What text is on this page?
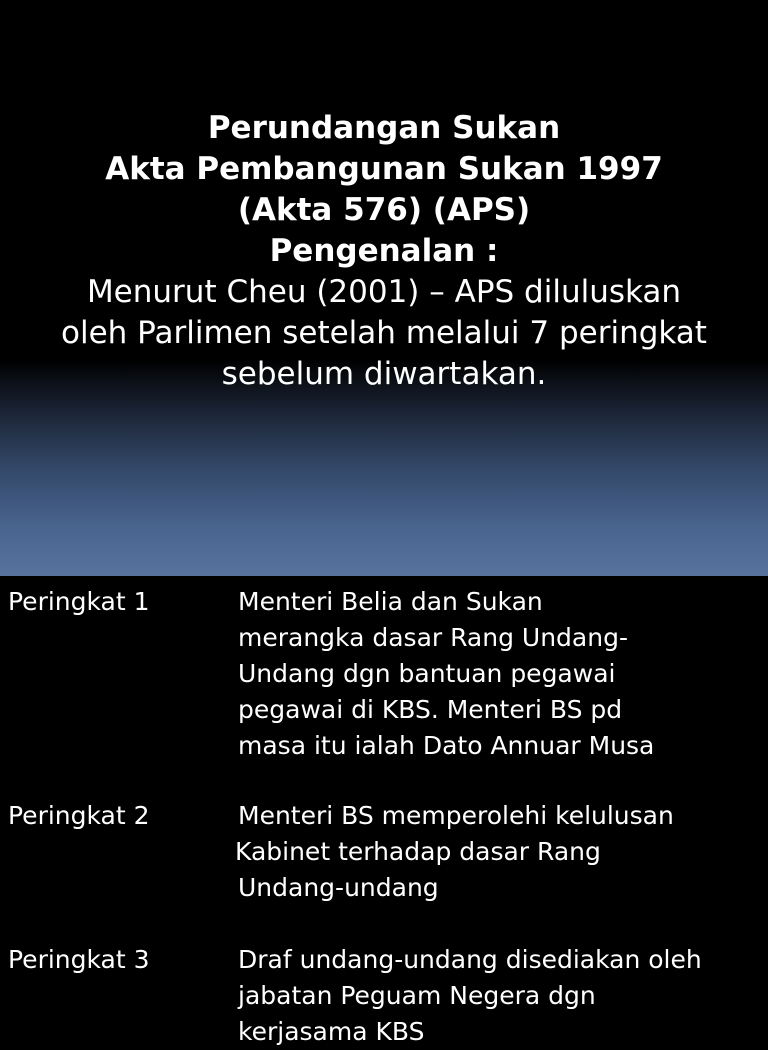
Perundangan Sukan
Akta Pembangunan Sukan 1997
(Akta 576) (APS)
Pengenalan :
Menurut Cheu (2001) – APS diluluskan
oleh Parlimen setelah melalui 7 peringkat
sebelum diwartakan.
Peringkat 1	Menteri Belia dan Sukan
merangka dasar Rang Undang-
Undang dgn bantuan pegawai
pegawai di KBS. Menteri BS pd
masa itu ialah Dato Annuar Musa
Peringkat 2	Menteri BS memperolehi kelulusan
Kabinet terhadap dasar Rang
Undang-undang
Peringkat 3	Draf undang-undang disediakan oleh
jabatan Peguam Negera dgn
kerjasama KBS
